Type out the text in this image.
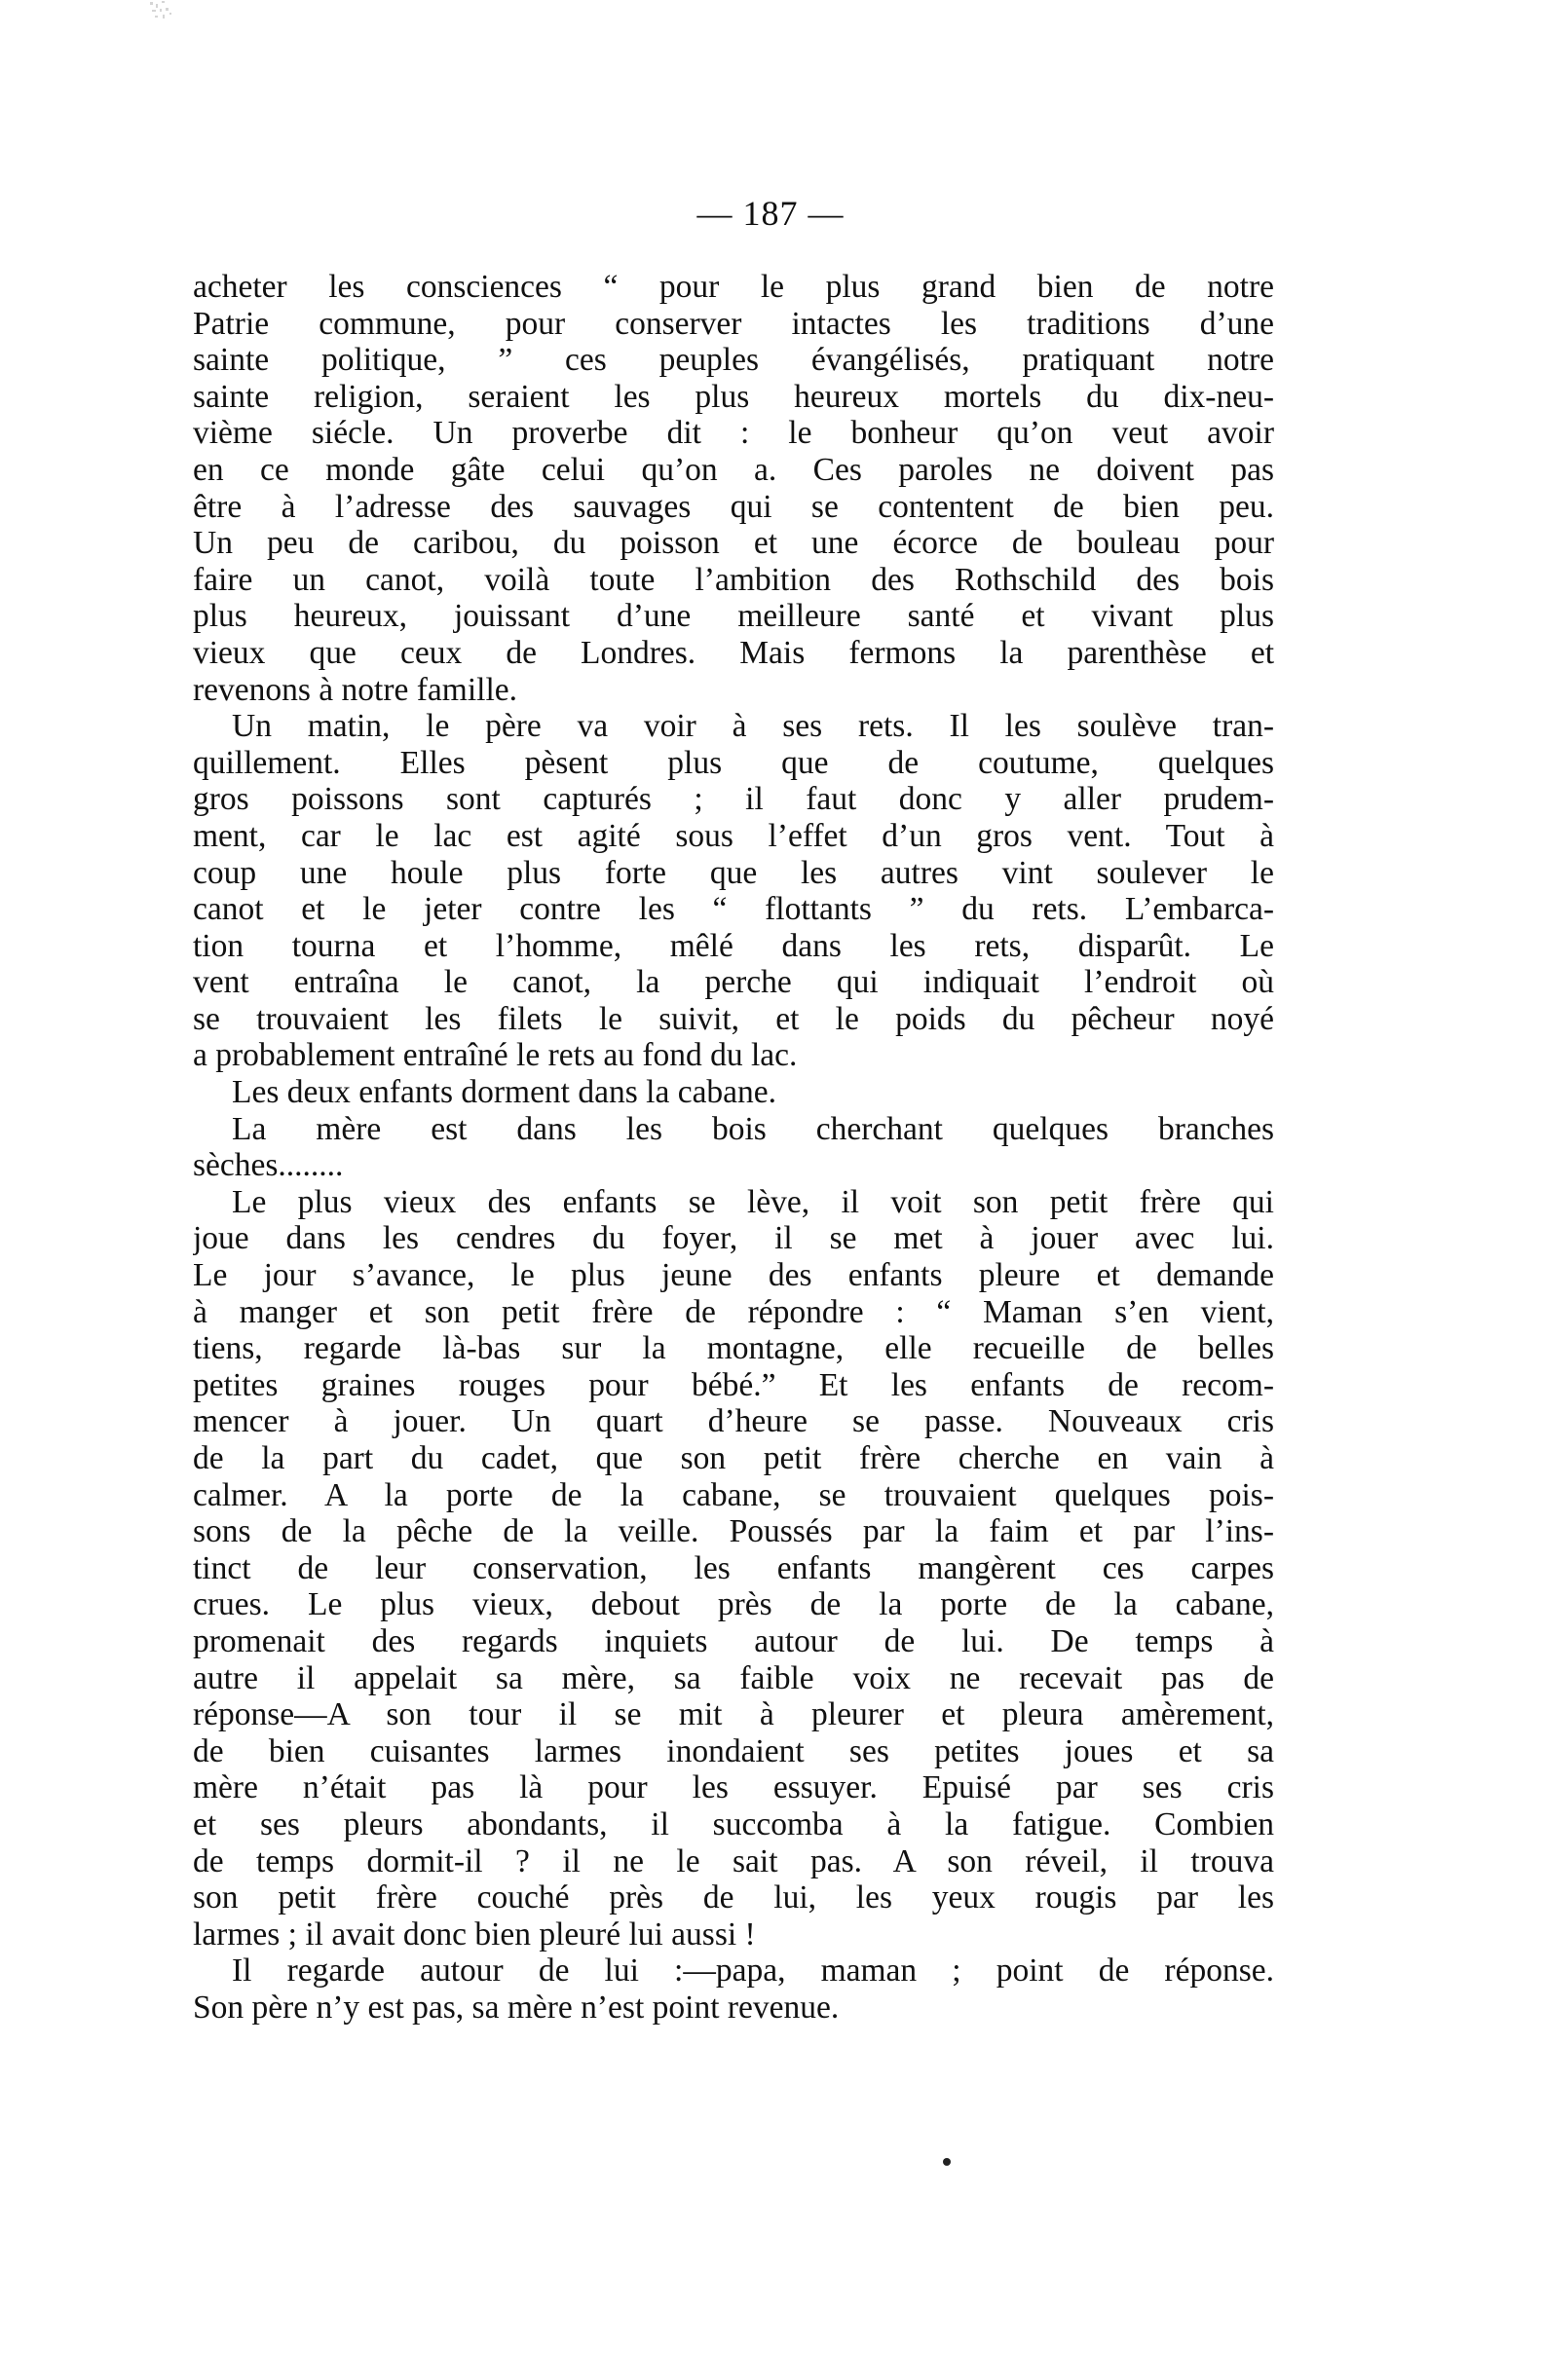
— 187 —
acheter les consciences “ pour le plus grand bien de notre
Patrie commune, pour conserver intactes les traditions d’une
sainte politique, ” ces peuples évangélisés, pratiquant notre
sainte religion, seraient les plus heureux mortels du dix-neu-
vième siécle. Un proverbe dit : le bonheur qu’on veut avoir
en ce monde gâte celui qu’on a. Ces paroles ne doivent pas
être à l’adresse des sauvages qui se contentent de bien peu.
Un peu de caribou, du poisson et une écorce de bouleau pour
faire un canot, voilà toute l’ambition des Rothschild des bois
plus heureux, jouissant d’une meilleure santé et vivant plus
vieux que ceux de Londres. Mais fermons la parenthèse et
revenons à notre famille.
Un matin, le père va voir à ses rets. Il les soulève tran-
quillement. Elles pèsent plus que de coutume, quelques
gros poissons sont capturés ; il faut donc y aller prudem-
ment, car le lac est agité sous l’effet d’un gros vent. Tout à
coup une houle plus forte que les autres vint soulever le
canot et le jeter contre les “ flottants ” du rets. L’embarca-
tion tourna et l’homme, mêlé dans les rets, disparût. Le
vent entraîna le canot, la perche qui indiquait l’endroit où
se trouvaient les filets le suivit, et le poids du pêcheur noyé
a probablement entraîné le rets au fond du lac.
Les deux enfants dorment dans la cabane.
La mère est dans les bois cherchant quelques branches
sèches........
Le plus vieux des enfants se lève, il voit son petit frère qui
joue dans les cendres du foyer, il se met à jouer avec lui.
Le jour s’avance, le plus jeune des enfants pleure et demande
à manger et son petit frère de répondre : “ Maman s’en vient,
tiens, regarde là-bas sur la montagne, elle recueille de belles
petites graines rouges pour bébé.” Et les enfants de recom-
mencer à jouer. Un quart d’heure se passe. Nouveaux cris
de la part du cadet, que son petit frère cherche en vain à
calmer. A la porte de la cabane, se trouvaient quelques pois-
sons de la pêche de la veille. Poussés par la faim et par l’ins-
tinct de leur conservation, les enfants mangèrent ces carpes
crues. Le plus vieux, debout près de la porte de la cabane,
promenait des regards inquiets autour de lui. De temps à
autre il appelait sa mère, sa faible voix ne recevait pas de
réponse—A son tour il se mit à pleurer et pleura amèrement,
de bien cuisantes larmes inondaient ses petites joues et sa
mère n’était pas là pour les essuyer. Epuisé par ses cris
et ses pleurs abondants, il succomba à la fatigue. Combien
de temps dormit-il ? il ne le sait pas. A son réveil, il trouva
son petit frère couché près de lui, les yeux rougis par les
larmes ; il avait donc bien pleuré lui aussi !
Il regarde autour de lui :—papa, maman ; point de réponse.
Son père n’y est pas, sa mère n’est point revenue.
